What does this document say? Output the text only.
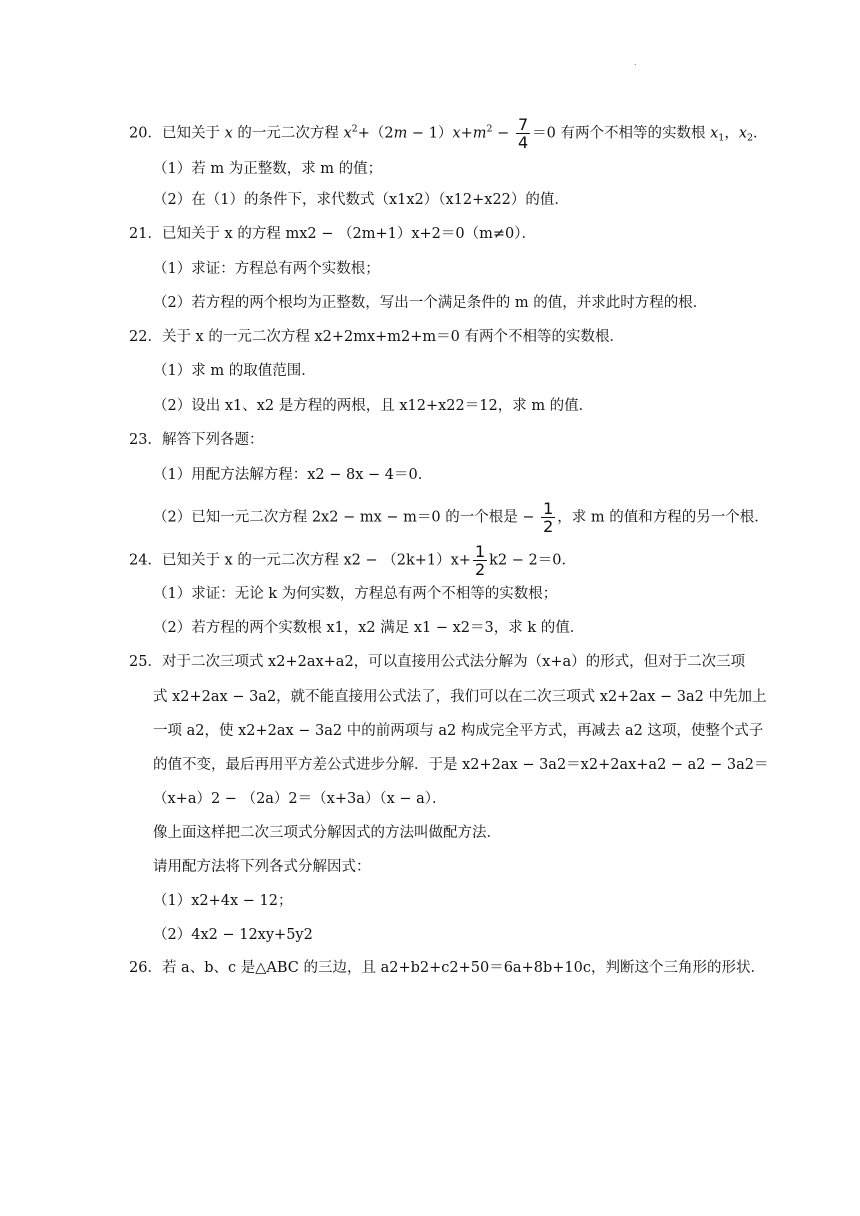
.
20．已知关于 x 的一元二次方程 $x^2+(2m - 1)x+m^2 - \frac{7}{4} =0$ 有两个不相等的实数根 $x_1$，$x_2$．
（1）若 m 为正整数，求 m 的值；
（2）在（1）的条件下，求代数式（x1x2）（x12+x22）的值．
21．已知关于 x 的方程 mx2 − （2m+1）x+2＝0（m≠0）．
（1）求证：方程总有两个实数根；
（2）若方程的两个根均为正整数，写出一个满足条件的 m 的值，并求此时方程的根．
22．关于 x 的一元二次方程 x2+2mx+m2+m＝0 有两个不相等的实数根．
（1）求 m 的取值范围．
（2）设出 x1、x2 是方程的两根，且 x12+x22＝12，求 m 的值．
23．解答下列各题：
（1）用配方法解方程：x2 − 8x − 4＝0．
（2）已知一元二次方程 2x2 − mx − m＝0 的一个根是 − $\frac{1}{2}$ ，求 m 的值和方程的另一个根．
24．已知关于 x 的一元二次方程 $x2 - (2k+1)x+ \frac{1}{2} k2 - 2=0$．
（1）求证：无论 k 为何实数，方程总有两个不相等的实数根；
（2）若方程的两个实数根 x1，x2 满足 x1 − x2＝3，求 k 的值．
25．对于二次三项式 x2+2ax+a2，可以直接用公式法分解为（x+a）的形式，但对于二次三项
式 x2+2ax − 3a2，就不能直接用公式法了，我们可以在二次三项式 x2+2ax − 3a2 中先加上
一项 a2，使 x2+2ax − 3a2 中的前两项与 a2 构成完全平方式，再减去 a2 这项，使整个式子
的值不变，最后再用平方差公式进步分解．于是 x2+2ax − 3a2＝x2+2ax+a2 − a2 − 3a2＝
（x+a）2 − （2a）2＝（x+3a）（x − a）．
像上面这样把二次三项式分解因式的方法叫做配方法．
请用配方法将下列各式分解因式：
（1）x2+4x − 12；
（2）4x2 − 12xy+5y2
26．若 a、b、c 是△ABC 的三边，且 a2+b2+c2+50＝6a+8b+10c，判断这个三角形的形状．
